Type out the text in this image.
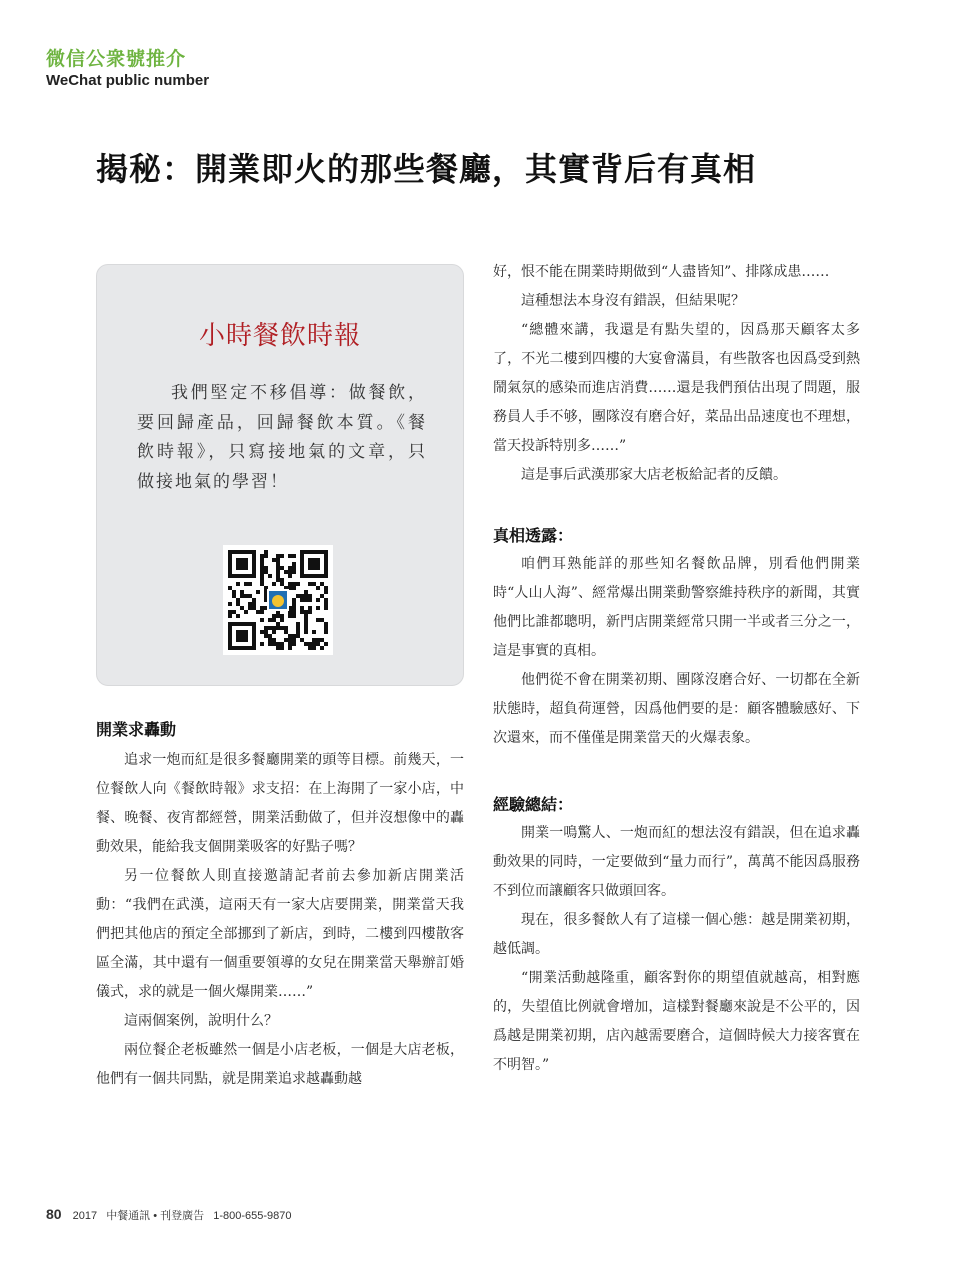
微信公衆號推介
WeChat public number
揭秘：開業即火的那些餐廳，其實背后有真相
小時餐飲時報
我們堅定不移倡導：做餐飲，要回歸產品，回歸餐飲本質。《餐飲時報》，只寫接地氣的文章，只做接地氣的學習！
開業求轟動

追求一炮而紅是很多餐廳開業的頭等目標。前幾天，一位餐飲人向《餐飲時報》求支招：在上海開了一家小店，中餐、晚餐、夜宵都經營，開業活動做了，但并沒想像中的轟動效果，能給我支個開業吸客的好點子嗎？

另一位餐飲人則直接邀請記者前去參加新店開業活動：“我們在武漢，這兩天有一家大店要開業，開業當天我們把其他店的預定全部挪到了新店，到時，二樓到四樓散客區全滿，其中還有一個重要領導的女兒在開業當天舉辦訂婚儀式，求的就是一個火爆開業……”

這兩個案例，說明什么？

兩位餐企老板雖然一個是小店老板，一個是大店老板，他們有一個共同點，就是開業追求越轟動越

好，恨不能在開業時期做到“人盡皆知”、排隊成患……

這種想法本身沒有錯誤，但結果呢？

“總體來講，我還是有點失望的，因爲那天顧客太多了，不光二樓到四樓的大宴會滿員，有些散客也因爲受到熱鬧氣氛的感染而進店消費……還是我們預估出現了問題，服務員人手不够，團隊沒有磨合好，菜品出品速度也不理想，當天投訴特別多……”

這是事后武漢那家大店老板給記者的反饋。

真相透露：

咱們耳熟能詳的那些知名餐飲品牌，別看他們開業時“人山人海”、經常爆出開業動警察維持秩序的新聞，其實他們比誰都聰明，新門店開業經常只開一半或者三分之一，這是事實的真相。

他們從不會在開業初期、團隊沒磨合好、一切都在全新狀態時，超負荷運營，因爲他們要的是：顧客體驗感好、下次還來，而不僅僅是開業當天的火爆表象。

經驗總結：

開業一鳴驚人、一炮而紅的想法沒有錯誤，但在追求轟動效果的同時，一定要做到“量力而行”，萬萬不能因爲服務不到位而讓顧客只做頭回客。

現在，很多餐飲人有了這樣一個心態：越是開業初期，越低調。

“開業活動越隆重，顧客對你的期望值就越高，相對應的，失望值比例就會增加，這樣對餐廳來說是不公平的，因爲越是開業初期，店內越需要磨合，這個時候大力接客實在不明智。”

80 2017 中餐通訊 • 刊登廣告 1-800-655-9870
